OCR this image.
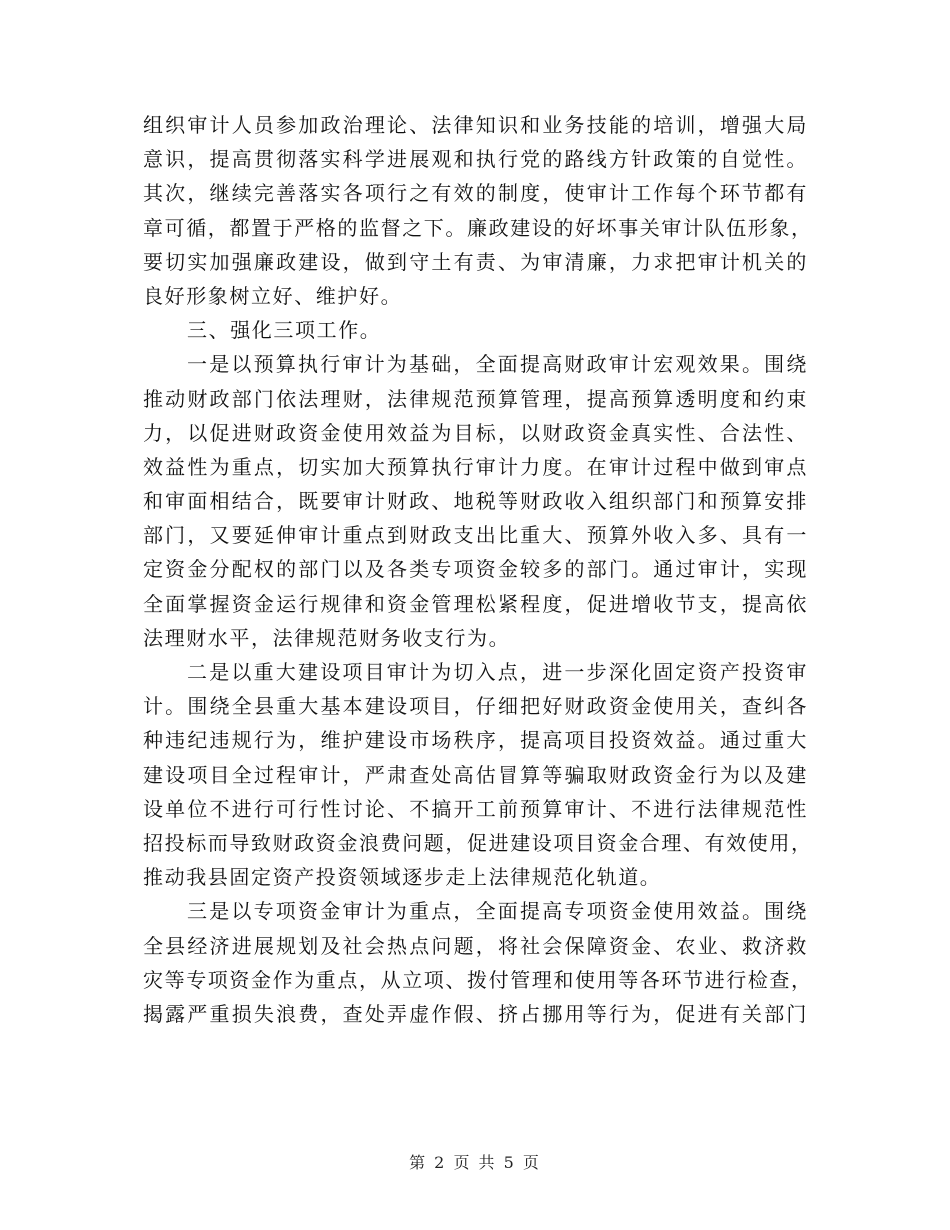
组织审计人员参加政治理论、法律知识和业务技能的培训，增强大局
意识，提高贯彻落实科学进展观和执行党的路线方针政策的自觉性。
其次，继续完善落实各项行之有效的制度，使审计工作每个环节都有
章可循，都置于严格的监督之下。廉政建设的好坏事关审计队伍形象，
要切实加强廉政建设，做到守土有责、为审清廉，力求把审计机关的
良好形象树立好、维护好。
三、强化三项工作。
一是以预算执行审计为基础，全面提高财政审计宏观效果。围绕
推动财政部门依法理财，法律规范预算管理，提高预算透明度和约束
力，以促进财政资金使用效益为目标，以财政资金真实性、合法性、
效益性为重点，切实加大预算执行审计力度。在审计过程中做到审点
和审面相结合，既要审计财政、地税等财政收入组织部门和预算安排
部门，又要延伸审计重点到财政支出比重大、预算外收入多、具有一
定资金分配权的部门以及各类专项资金较多的部门。通过审计，实现
全面掌握资金运行规律和资金管理松紧程度，促进增收节支，提高依
法理财水平，法律规范财务收支行为。
二是以重大建设项目审计为切入点，进一步深化固定资产投资审
计。围绕全县重大基本建设项目，仔细把好财政资金使用关，查纠各
种违纪违规行为，维护建设市场秩序，提高项目投资效益。通过重大
建设项目全过程审计，严肃查处高估冒算等骗取财政资金行为以及建
设单位不进行可行性讨论、不搞开工前预算审计、不进行法律规范性
招投标而导致财政资金浪费问题，促进建设项目资金合理、有效使用，
推动我县固定资产投资领域逐步走上法律规范化轨道。
三是以专项资金审计为重点，全面提高专项资金使用效益。围绕
全县经济进展规划及社会热点问题，将社会保障资金、农业、救济救
灾等专项资金作为重点，从立项、拨付管理和使用等各环节进行检查，
揭露严重损失浪费，查处弄虚作假、挤占挪用等行为，促进有关部门
第 2 页 共 5 页
